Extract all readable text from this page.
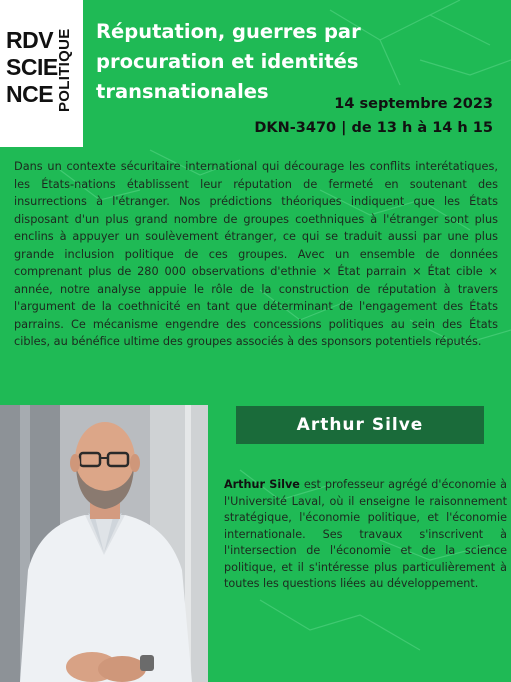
RDV
SCIE
NCE POLITIQUE Réputation, guerres par procuration et identités transnationales
14 septembre 2023
DKN-3470 | de 13 h à 14 h 15
Dans un contexte sécuritaire international qui décourage les conflits interétatiques, les États-nations établissent leur réputation de fermeté en soutenant des insurrections à l'étranger. Nos prédictions théoriques indiquent que les États disposant d'un plus grand nombre de groupes coethniques à l'étranger sont plus enclins à appuyer un soulèvement étranger, ce qui se traduit aussi par une plus grande inclusion politique de ces groupes. Avec un ensemble de données comprenant plus de 280 000 observations d'ethnie × État parrain × État cible × année, notre analyse appuie le rôle de la construction de réputation à travers l'argument de la coethnicité en tant que déterminant de l'engagement des États parrains. Ce mécanisme engendre des concessions politiques au sein des États cibles, au bénéfice ultime des groupes associés à des sponsors potentiels réputés.
Arthur Silve
Arthur Silve est professeur agrégé d'économie à l'Université Laval, où il enseigne le raisonnement stratégique, l'économie politique, et l'économie internationale. Ses travaux s'inscrivent à l'intersection de l'économie et de la science politique, et il s'intéresse plus particulièrement à toutes les questions liées au développement.
